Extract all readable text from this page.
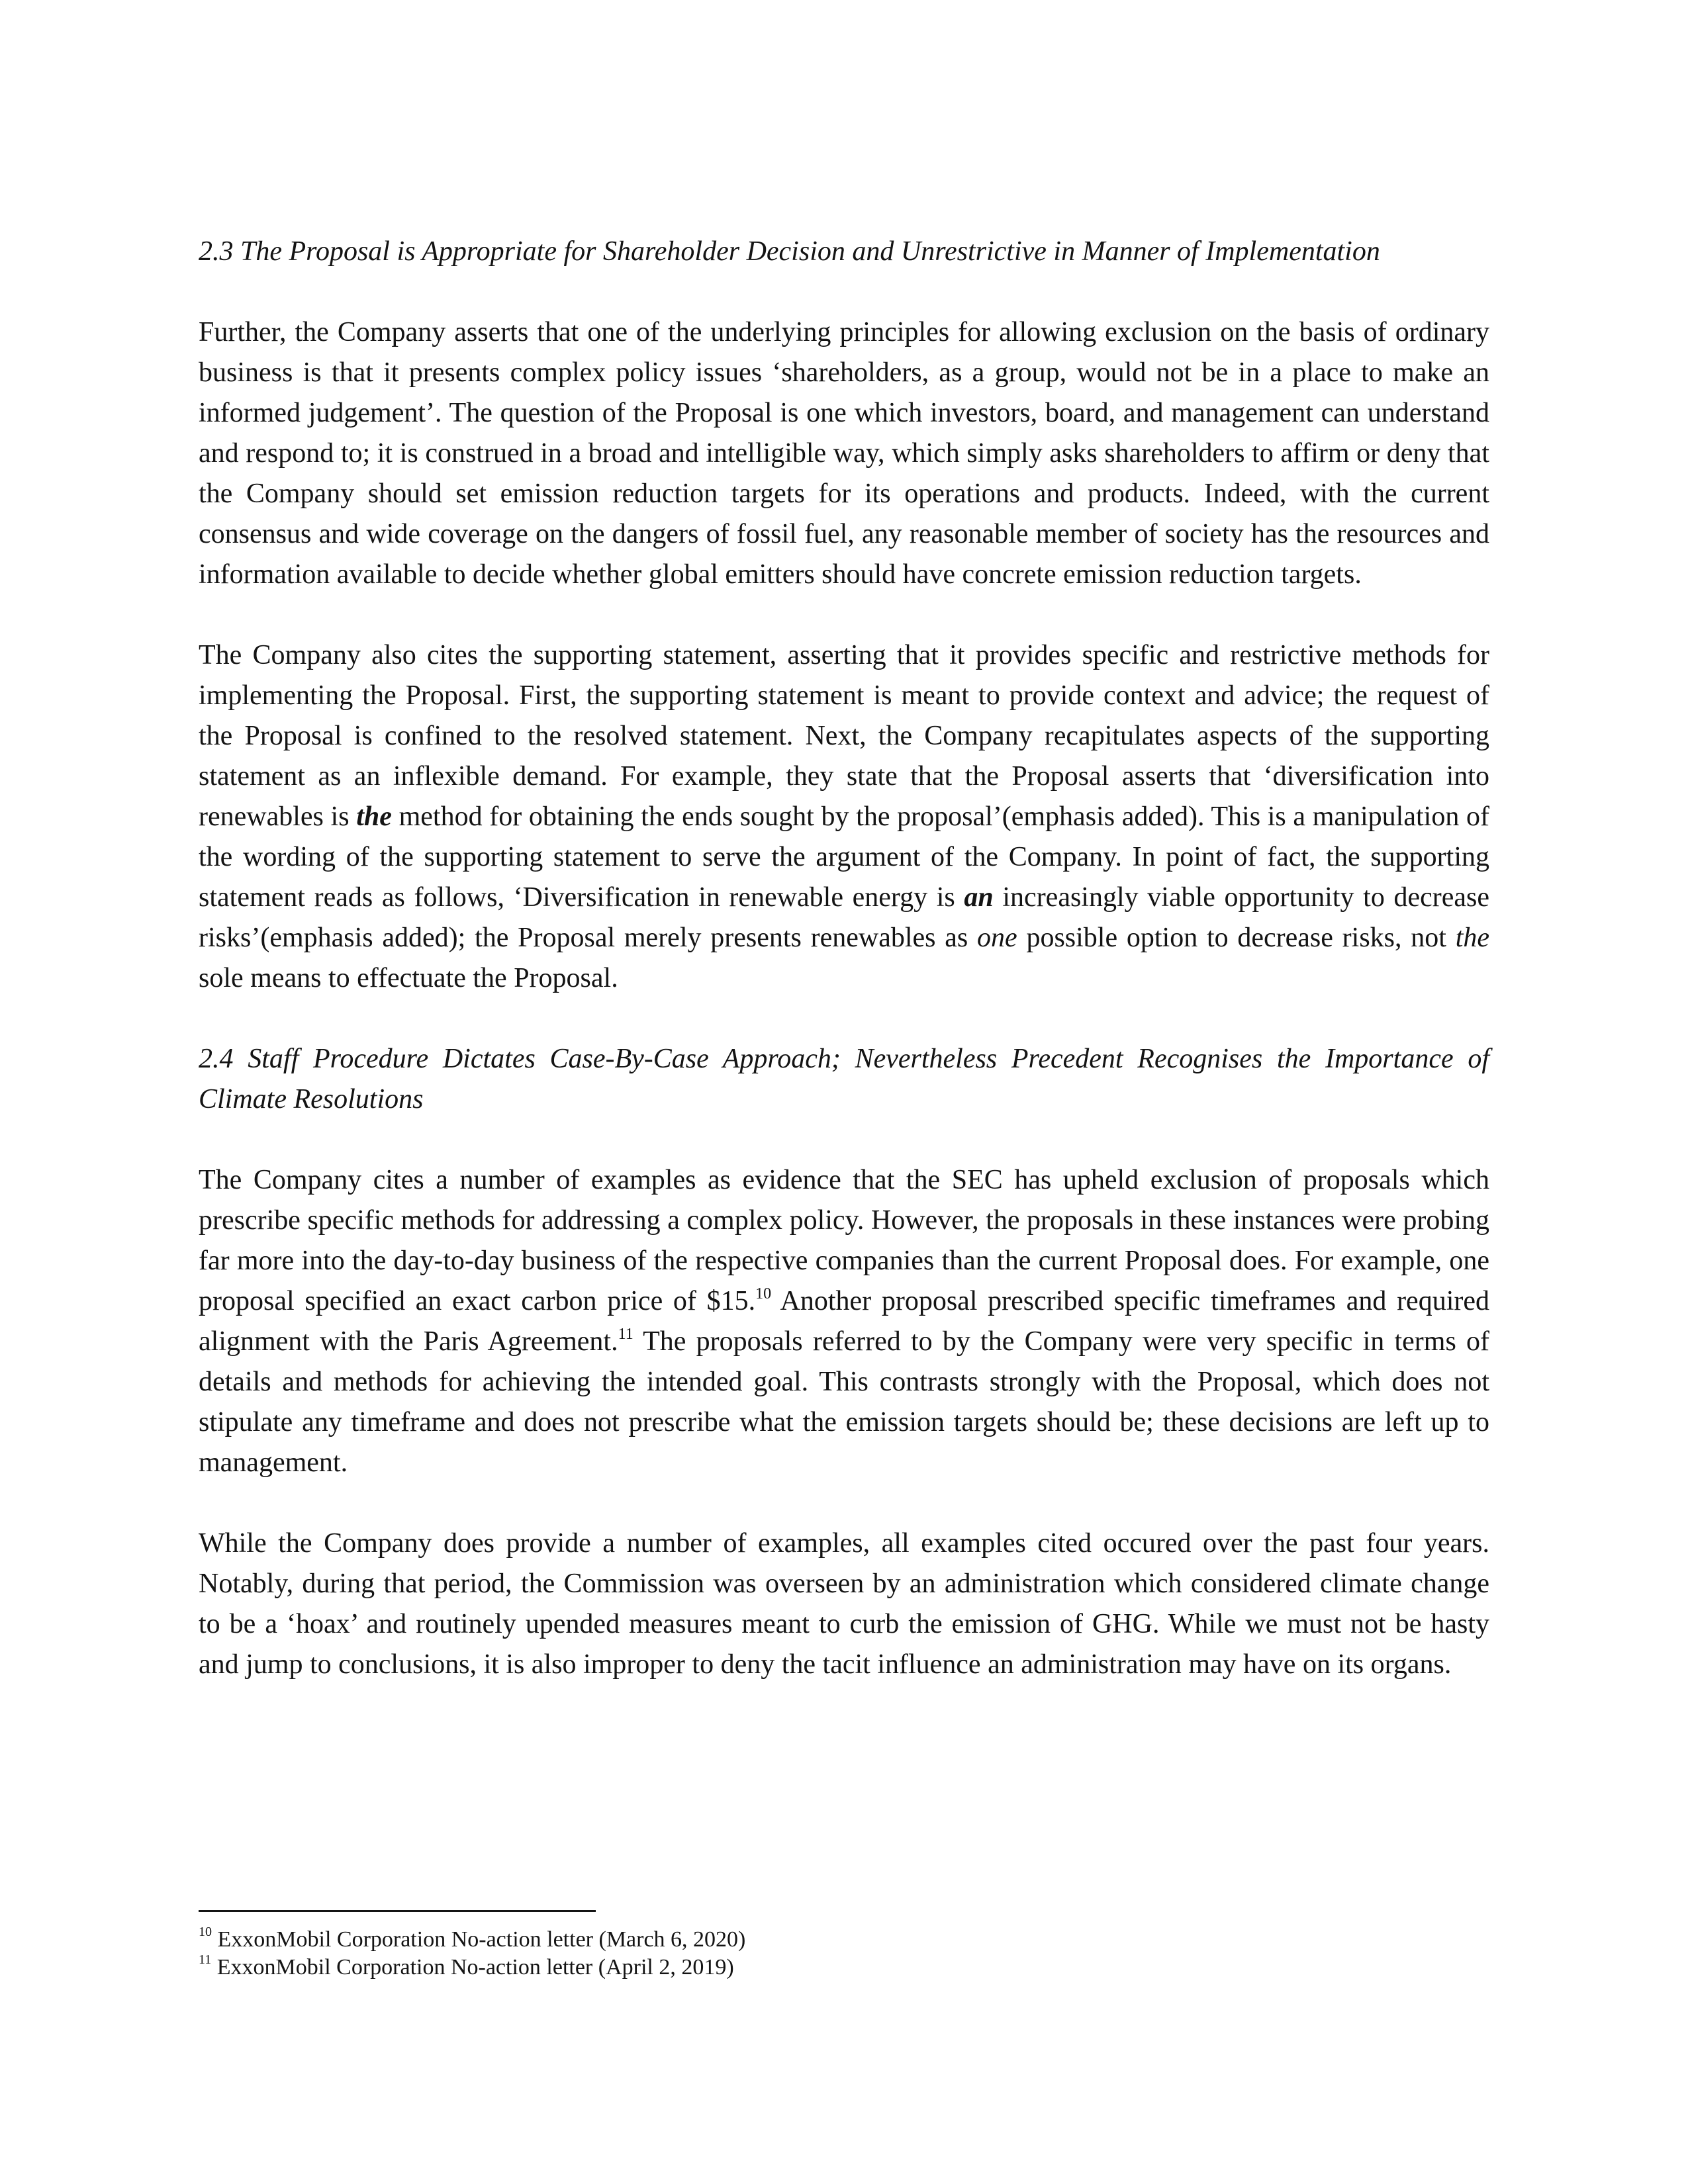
2.3 The Proposal is Appropriate for Shareholder Decision and Unrestrictive in Manner of Implementation

Further, the Company asserts that one of the underlying principles for allowing exclusion on the basis of ordinary business is that it presents complex policy issues ‘shareholders, as a group, would not be in a place to make an informed judgement’. The question of the Proposal is one which investors, board, and management can understand and respond to; it is construed in a broad and intelligible way, which simply asks shareholders to affirm or deny that the Company should set emission reduction targets for its operations and products. Indeed, with the current consensus and wide coverage on the dangers of fossil fuel, any reasonable member of society has the resources and information available to decide whether global emitters should have concrete emission reduction targets.

The Company also cites the supporting statement, asserting that it provides specific and restrictive methods for implementing the Proposal. First, the supporting statement is meant to provide context and advice; the request of the Proposal is confined to the resolved statement. Next, the Company recapitulates aspects of the supporting statement as an inflexible demand. For example, they state that the Proposal asserts that ‘diversification into renewables is the method for obtaining the ends sought by the proposal’(emphasis added). This is a manipulation of the wording of the supporting statement to serve the argument of the Company. In point of fact, the supporting statement reads as follows, ‘Diversification in renewable energy is an increasingly viable opportunity to decrease risks’(emphasis added); the Proposal merely presents renewables as one possible option to decrease risks, not the sole means to effectuate the Proposal.

2.4 Staff Procedure Dictates Case-By-Case Approach; Nevertheless Precedent Recognises the Importance of Climate Resolutions

The Company cites a number of examples as evidence that the SEC has upheld exclusion of proposals which prescribe specific methods for addressing a complex policy. However, the proposals in these instances were probing far more into the day-to-day business of the respective companies than the current Proposal does. For example, one proposal specified an exact carbon price of $15.10 Another proposal prescribed specific timeframes and required alignment with the Paris Agreement.$^{11}$ The proposals referred to by the Company were very specific in terms of details and methods for achieving the intended goal. This contrasts strongly with the Proposal, which does not stipulate any timeframe and does not prescribe what the emission targets should be; these decisions are left up to management.

While the Company does provide a number of examples, all examples cited occured over the past four years. Notably, during that period, the Commission was overseen by an administration which considered climate change to be a ‘hoax’ and routinely upended measures meant to curb the emission of GHG. While we must not be hasty and jump to conclusions, it is also improper to deny the tacit influence an administration may have on its organs.

$^{10}$ ExxonMobil Corporation No-action letter (March 6, 2020)
$^{11}$ ExxonMobil Corporation No-action letter (April 2, 2019)
